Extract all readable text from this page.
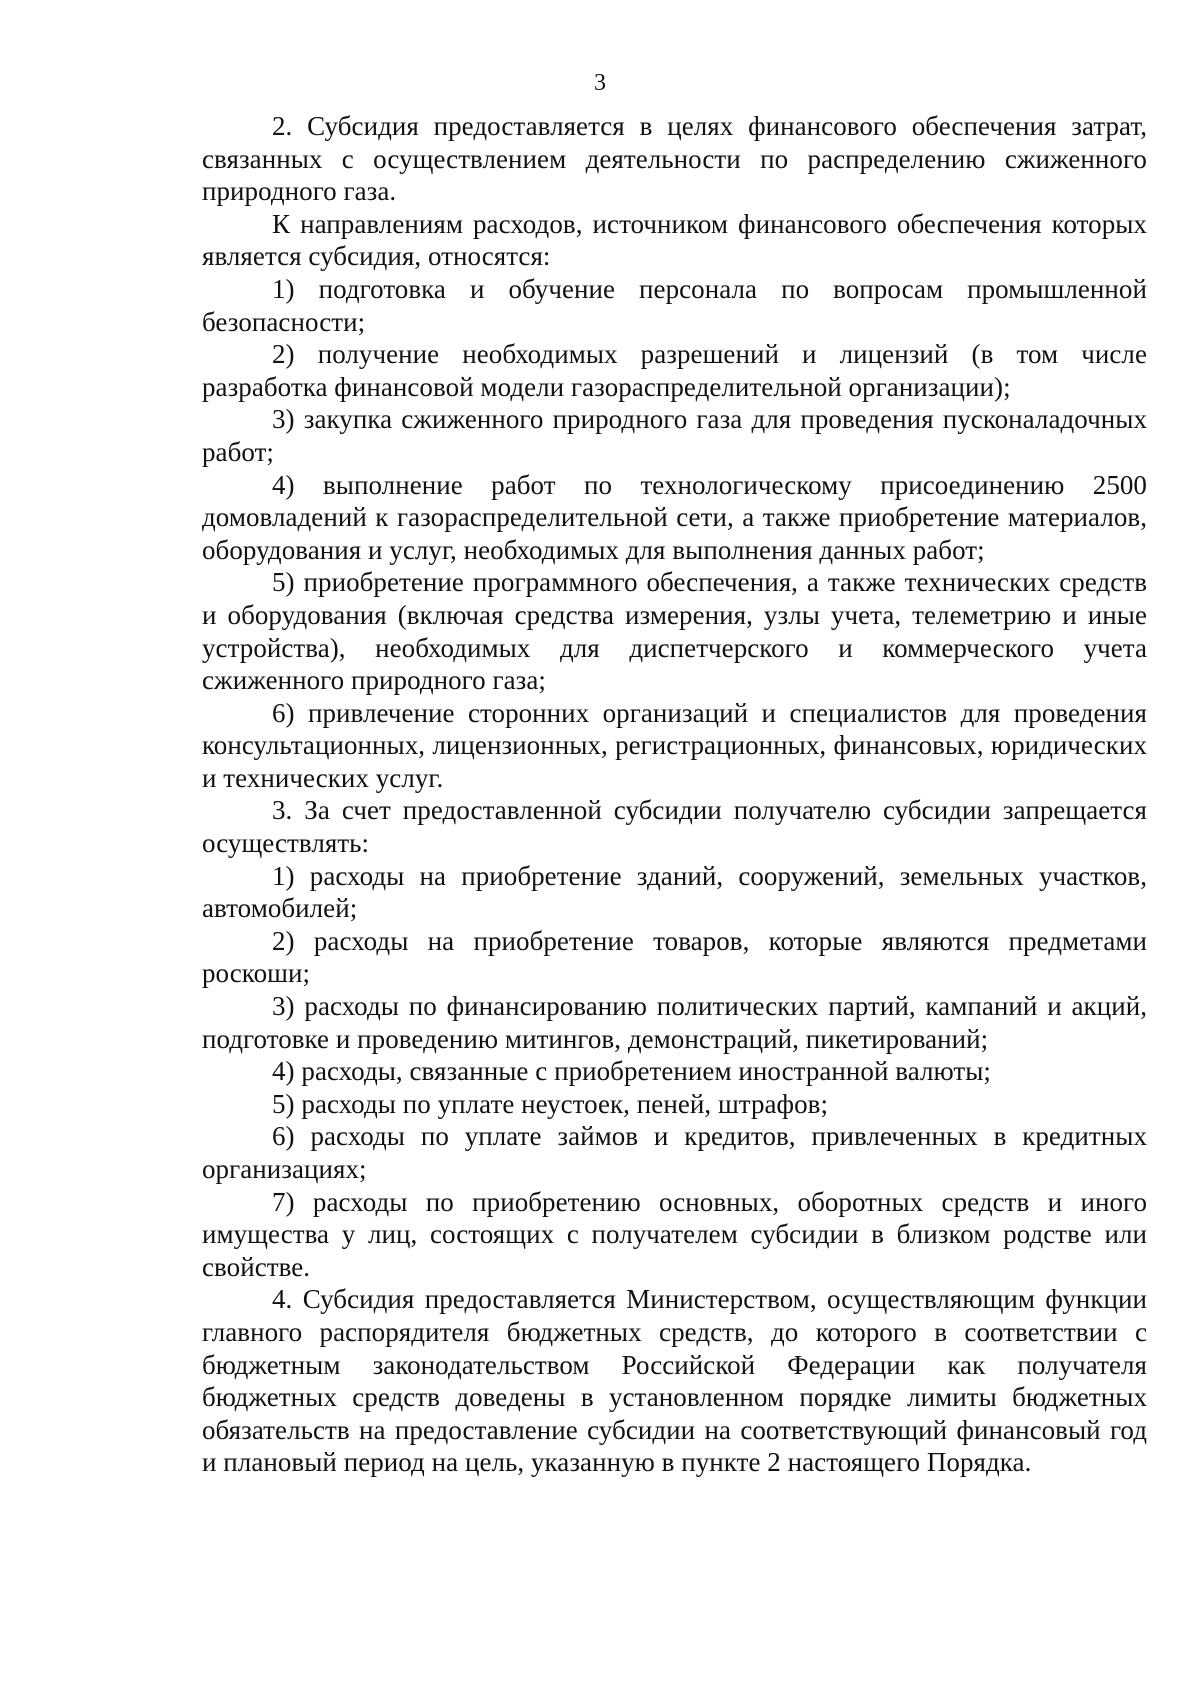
3

2. Субсидия предоставляется в целях финансового обеспечения затрат, связанных с осуществлением деятельности по распределению сжиженного природного газа.

К направлениям расходов, источником финансового обеспечения которых является субсидия, относятся:

1) подготовка и обучение персонала по вопросам промышленной безопасности;

2) получение необходимых разрешений и лицензий (в том числе разработка финансовой модели газораспределительной организации);

3) закупка сжиженного природного газа для проведения пусконаладочных работ;

4) выполнение работ по технологическому присоединению 2500 домовладений к газораспределительной сети, а также приобретение материалов, оборудования и услуг, необходимых для выполнения данных работ;

5) приобретение программного обеспечения, а также технических средств и оборудования (включая средства измерения, узлы учета, телеметрию и иные устройства), необходимых для диспетчерского и коммерческого учета сжиженного природного газа;

6) привлечение сторонних организаций и специалистов для проведения консультационных, лицензионных, регистрационных, финансовых, юридических и технических услуг.

3. За счет предоставленной субсидии получателю субсидии запрещается осуществлять:

1) расходы на приобретение зданий, сооружений, земельных участков, автомобилей;

2) расходы на приобретение товаров, которые являются предметами роскоши;

3) расходы по финансированию политических партий, кампаний и акций, подготовке и проведению митингов, демонстраций, пикетирований;

4) расходы, связанные с приобретением иностранной валюты;

5) расходы по уплате неустоек, пеней, штрафов;

6) расходы по уплате займов и кредитов, привлеченных в кредитных организациях;

7) расходы по приобретению основных, оборотных средств и иного имущества у лиц, состоящих с получателем субсидии в близком родстве или свойстве.

4. Субсидия предоставляется Министерством, осуществляющим функции главного распорядителя бюджетных средств, до которого в соответствии с бюджетным законодательством Российской Федерации как получателя бюджетных средств доведены в установленном порядке лимиты бюджетных обязательств на предоставление субсидии на соответствующий финансовый год и плановый период на цель, указанную в пункте 2 настоящего Порядка.
